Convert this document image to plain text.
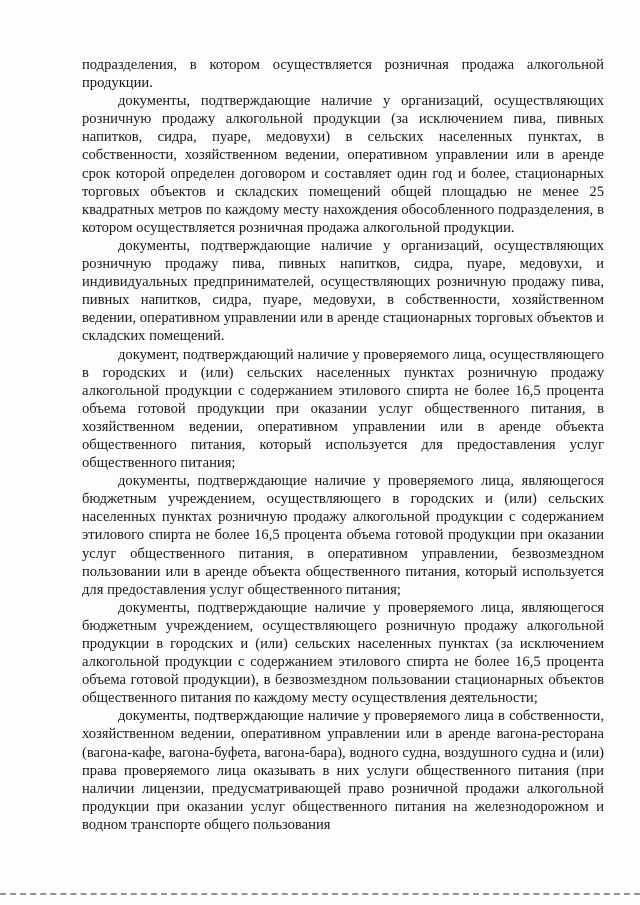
подразделения, в котором осуществляется розничная продажа алкогольной продукции.

документы, подтверждающие наличие у организаций, осуществляющих розничную продажу алкогольной продукции (за исключением пива, пивных напитков, сидра, пуаре, медовухи) в сельских населенных пунктах, в собственности, хозяйственном ведении, оперативном управлении или в аренде срок которой определен договором и составляет один год и более, стационарных торговых объектов и складских помещений общей площадью не менее 25 квадратных метров по каждому месту нахождения обособленного подразделения, в котором осуществляется розничная продажа алкогольной продукции.

документы, подтверждающие наличие у организаций, осуществляющих розничную продажу пива, пивных напитков, сидра, пуаре, медовухи, и индивидуальных предпринимателей, осуществляющих розничную продажу пива, пивных напитков, сидра, пуаре, медовухи, в собственности, хозяйственном ведении, оперативном управлении или в аренде стационарных торговых объектов и складских помещений.

документ, подтверждающий наличие у проверяемого лица, осуществляющего в городских и (или) сельских населенных пунктах розничную продажу алкогольной продукции с содержанием этилового спирта не более 16,5 процента объема готовой продукции при оказании услуг общественного питания, в хозяйственном ведении, оперативном управлении или в аренде объекта общественного питания, который используется для предоставления услуг общественного питания;

документы, подтверждающие наличие у проверяемого лица, являющегося бюджетным учреждением, осуществляющего в городских и (или) сельских населенных пунктах розничную продажу алкогольной продукции с содержанием этилового спирта не более 16,5 процента объема готовой продукции при оказании услуг общественного питания, в оперативном управлении, безвозмездном пользовании или в аренде объекта общественного питания, который используется для предоставления услуг общественного питания;

документы, подтверждающие наличие у проверяемого лица, являющегося бюджетным учреждением, осуществляющего розничную продажу алкогольной продукции в городских и (или) сельских населенных пунктах (за исключением алкогольной продукции с содержанием этилового спирта не более 16,5 процента объема готовой продукции), в безвозмездном пользовании стационарных объектов общественного питания по каждому месту осуществления деятельности;

документы, подтверждающие наличие у проверяемого лица в собственности, хозяйственном ведении, оперативном управлении или в аренде вагона-ресторана (вагона-кафе, вагона-буфета, вагона-бара), водного судна, воздушного судна и (или) права проверяемого лица оказывать в них услуги общественного питания (при наличии лицензии, предусматривающей право розничной продажи алкогольной продукции при оказании услуг общественного питания на железнодорожном и водном транспорте общего пользования
